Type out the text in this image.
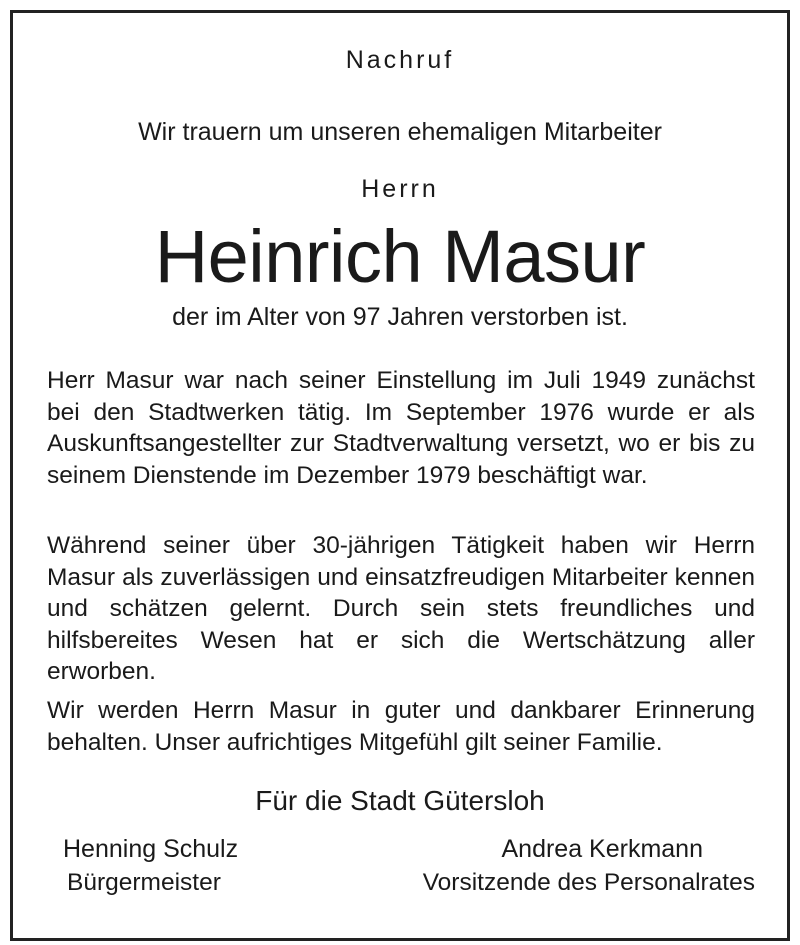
Nachruf
Wir trauern um unseren ehemaligen Mitarbeiter
Herrn
Heinrich Masur
der im Alter von 97 Jahren verstorben ist.
Herr Masur war nach seiner Einstellung im Juli 1949 zunächst bei den Stadtwerken tätig. Im September 1976 wurde er als Auskunftsangestellter zur Stadtverwaltung versetzt, wo er bis zu seinem Dienstende im Dezember 1979 beschäftigt war.
Während seiner über 30-jährigen Tätigkeit haben wir Herrn Masur als zuverlässigen und einsatzfreudigen Mitarbeiter kennen und schätzen gelernt. Durch sein stets freundliches und hilfsbereites Wesen hat er sich die Wertschätzung aller erworben.
Wir werden Herrn Masur in guter und dankbarer Erinnerung behalten. Unser aufrichtiges Mitgefühl gilt seiner Familie.
Für die Stadt Gütersloh
Henning Schulz
Bürgermeister
Andrea Kerkmann
Vorsitzende des Personalrates
